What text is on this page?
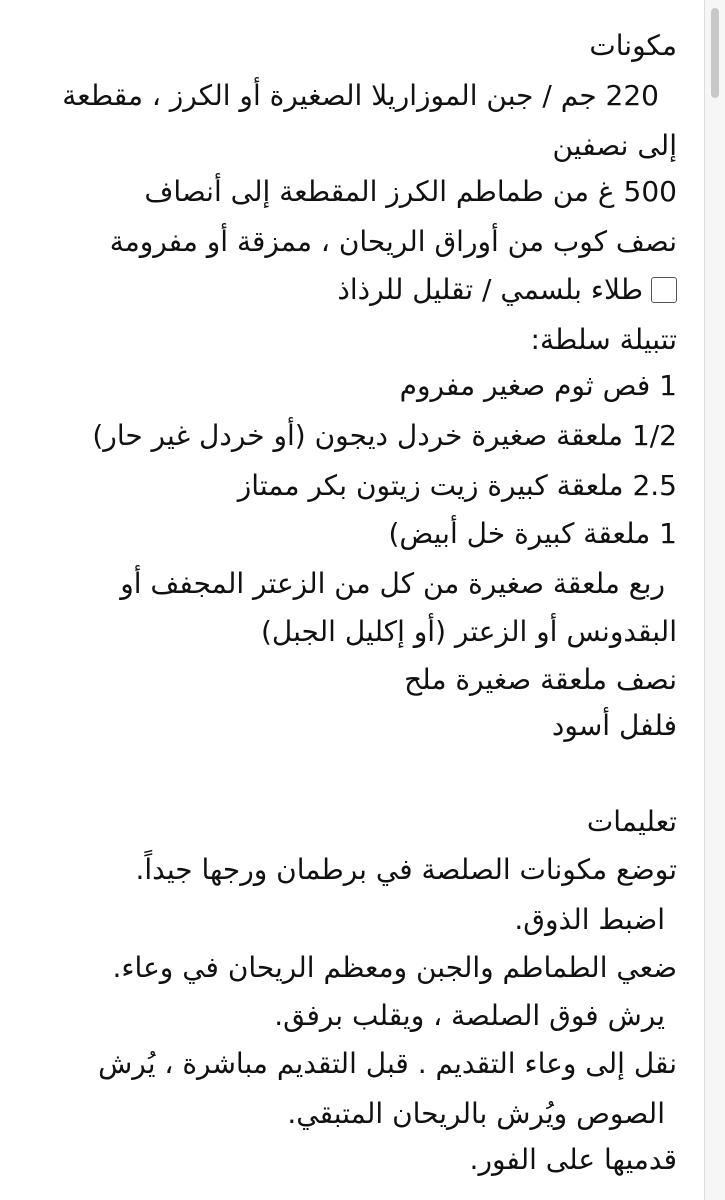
مكونات
220 جم / جبن الموزاريلا الصغيرة أو الكرز ، مقطعة
إلى نصفين
500 غ من طماطم الكرز المقطعة إلى أنصاف
نصف كوب من أوراق الريحان ، ممزقة أو مفرومة
طلاء بلسمي / تقليل للرذاذ
تتبيلة سلطة:
1 فص ثوم صغير مفروم
1/2 ملعقة صغيرة خردل ديجون (أو خردل غير حار)
2.5 ملعقة كبيرة زيت زيتون بكر ممتاز
1 ملعقة كبيرة خل أبيض)
ربع ملعقة صغيرة من كل من الزعتر المجفف أو
البقدونس أو الزعتر (أو إكليل الجبل)
نصف ملعقة صغيرة ملح
فلفل أسود
تعليمات
توضع مكونات الصلصة في برطمان ورجها جيداً.
اضبط الذوق.
ضعي الطماطم والجبن ومعظم الريحان في وعاء.
يرش فوق الصلصة ، ويقلب برفق.
نقل إلى وعاء التقديم . قبل التقديم مباشرة ، يُرش
الصوص ويُرش بالريحان المتبقي.
قدميها على الفور.
